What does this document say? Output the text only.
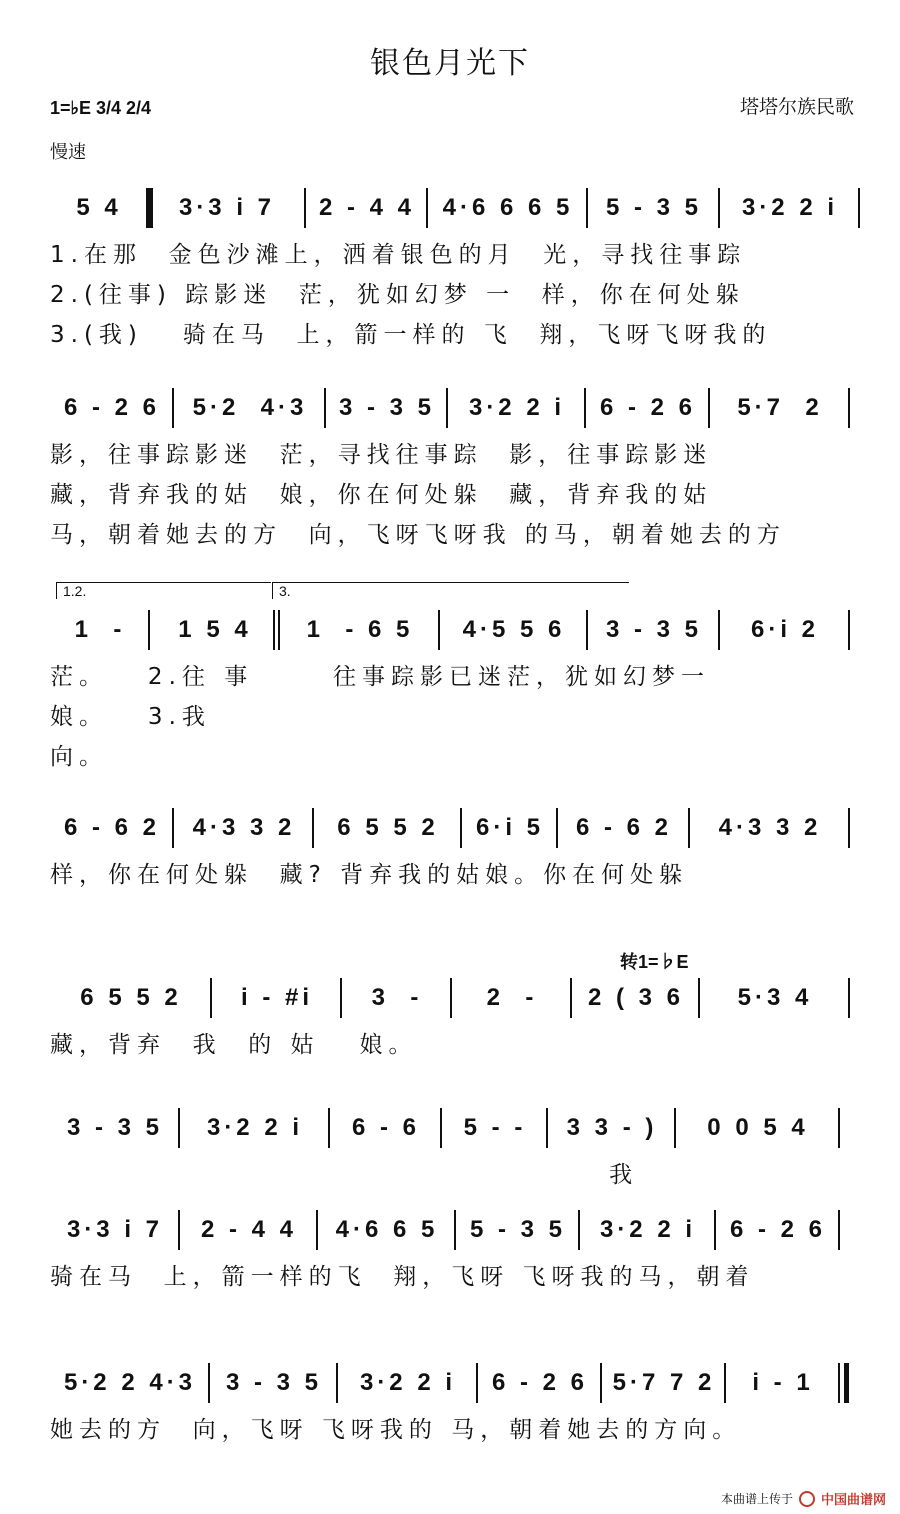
银色月光下
1=♭E 3/4 2/4	塔塔尔族民歌
慢速
5 4	3·3 i 7	2 - 4 4	4·6 6 6 5	5 - 3 5	3·2 2 i
1.在那  金色沙滩上，洒着银色的月  光，寻找往事踪
2.(往事) 踪影迷  茫，犹如幻梦 一  样，你在何处躲
3.(我)   骑在马  上，箭一样的 飞  翔，飞呀飞呀我的
6 - 2 6	5·2  4·3	3 - 3 5	3·2 2 i	6 - 2 6	5·7  2
影，往事踪影迷  茫，寻找往事踪  影，往事踪影迷
藏，背弃我的姑  娘，你在何处躲  藏，背弃我的姑
马，朝着她去的方  向，飞呀飞呀我 的马，朝着她去的方
1.2.	3.
1  -	1 5 4	1  - 6 5	4·5 5 6	3 - 3 5	6·i 2
茫。   2.往 事      往事踪影已迷茫，犹如幻梦一
娘。   3.我
向。
6 - 6 2	4·3 3 2	6 5 5 2	6·i 5	6 - 6 2	4·3 3 2
样，你在何处躲  藏? 背弃我的姑娘。你在何处躲
转1=♭E
6 5 5 2	i - #i	3  -	2  -	2 ( 3 6	5·3 4
藏，背弃  我  的 姑   娘。
3 - 3 5	3·2 2 i	6 - 6	5 - -	3 3 - )	0 0 5 4
我
3·3 i 7	2 - 4 4	4·6 6 5	5 - 3 5	3·2 2 i	6 - 2 6
骑在马  上，箭一样的飞  翔，飞呀 飞呀我的马，朝着
5·2 2 4·3	3 - 3 5	3·2 2 i	6 - 2 6	5·7 7 2	i - 1
她去的方  向，飞呀 飞呀我的 马，朝着她去的方向。
本曲谱上传于 中国曲谱网
